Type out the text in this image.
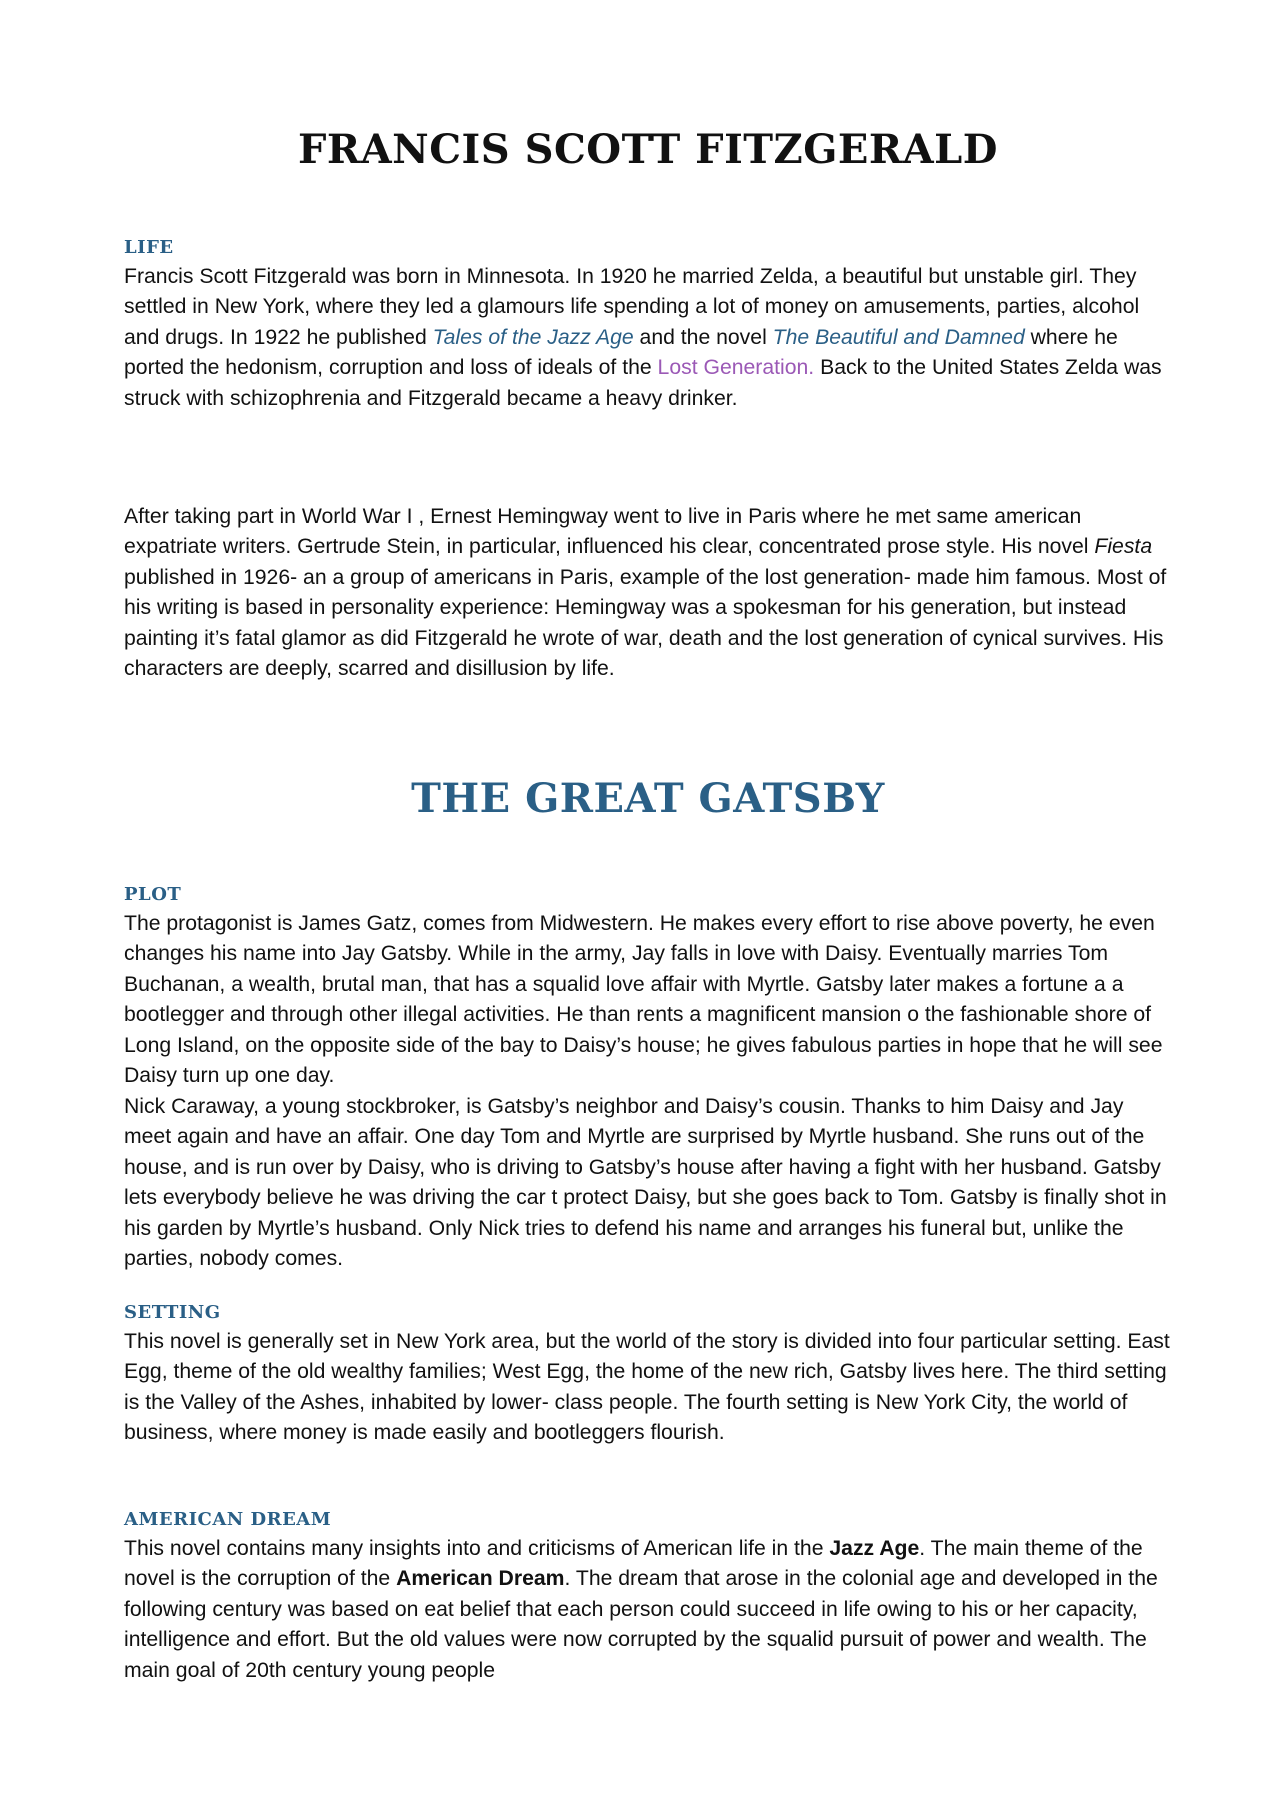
FRANCIS SCOTT FITZGERALD
LIFE

Francis Scott Fitzgerald was born in Minnesota. In 1920 he married Zelda, a beautiful but unstable girl. They settled in New York, where they led a glamours life spending a lot of money on amusements, parties, alcohol and drugs. In 1922 he published Tales of the Jazz Age and the novel The Beautiful and Damned where he ported the hedonism, corruption and loss of ideals of the Lost Generation. Back to the United States Zelda was struck with schizophrenia and Fitzgerald became a heavy drinker.

After taking part in World War I , Ernest Hemingway went to live in Paris where he met same american expatriate writers. Gertrude Stein, in particular, influenced his clear, concentrated prose style. His novel Fiesta published in 1926- an a group of americans in Paris, example of the lost generation- made him famous. Most of his writing is based in personality experience: Hemingway was a spokesman for his generation, but instead painting it’s fatal glamor as did Fitzgerald he wrote of war, death and the lost generation of cynical survives. His characters are deeply, scarred and disillusion by life.

THE GREAT GATSBY
PLOT

The protagonist is James Gatz, comes from Midwestern. He makes every effort to rise above poverty, he even changes his name into Jay Gatsby. While in the army, Jay falls in love with Daisy. Eventually marries Tom Buchanan, a wealth, brutal man, that has a squalid love affair with Myrtle. Gatsby later makes a fortune a a bootlegger and through other illegal activities. He than rents a magnificent mansion o the fashionable shore of Long Island, on the opposite side of the bay to Daisy’s house; he gives fabulous parties in hope that he will see Daisy turn up one day.

Nick Caraway, a young stockbroker, is Gatsby’s neighbor and Daisy’s cousin. Thanks to him Daisy and Jay meet again and have an affair. One day Tom and Myrtle are surprised by Myrtle husband. She runs out of the house, and is run over by Daisy, who is driving to Gatsby’s house after having a fight with her husband. Gatsby lets everybody believe he was driving the car t protect Daisy, but she goes back to Tom. Gatsby is finally shot in his garden by Myrtle’s husband. Only Nick tries to defend his name and arranges his funeral but, unlike the parties, nobody comes.

SETTING

This novel is generally set in New York area, but the world of the story is divided into four particular setting. East Egg, theme of the old wealthy families; West Egg, the home of the new rich, Gatsby lives here. The third setting is the Valley of the Ashes, inhabited by lower- class people. The fourth setting is New York City, the world of business, where money is made easily and bootleggers flourish.

AMERICAN DREAM

This novel contains many insights into and criticisms of American life in the Jazz Age. The main theme of the novel is the corruption of the American Dream. The dream that arose in the colonial age and developed in the following century was based on eat belief that each person could succeed in life owing to his or her capacity, intelligence and effort. But the old values were now corrupted by the squalid pursuit of power and wealth. The main goal of 20th century young people
